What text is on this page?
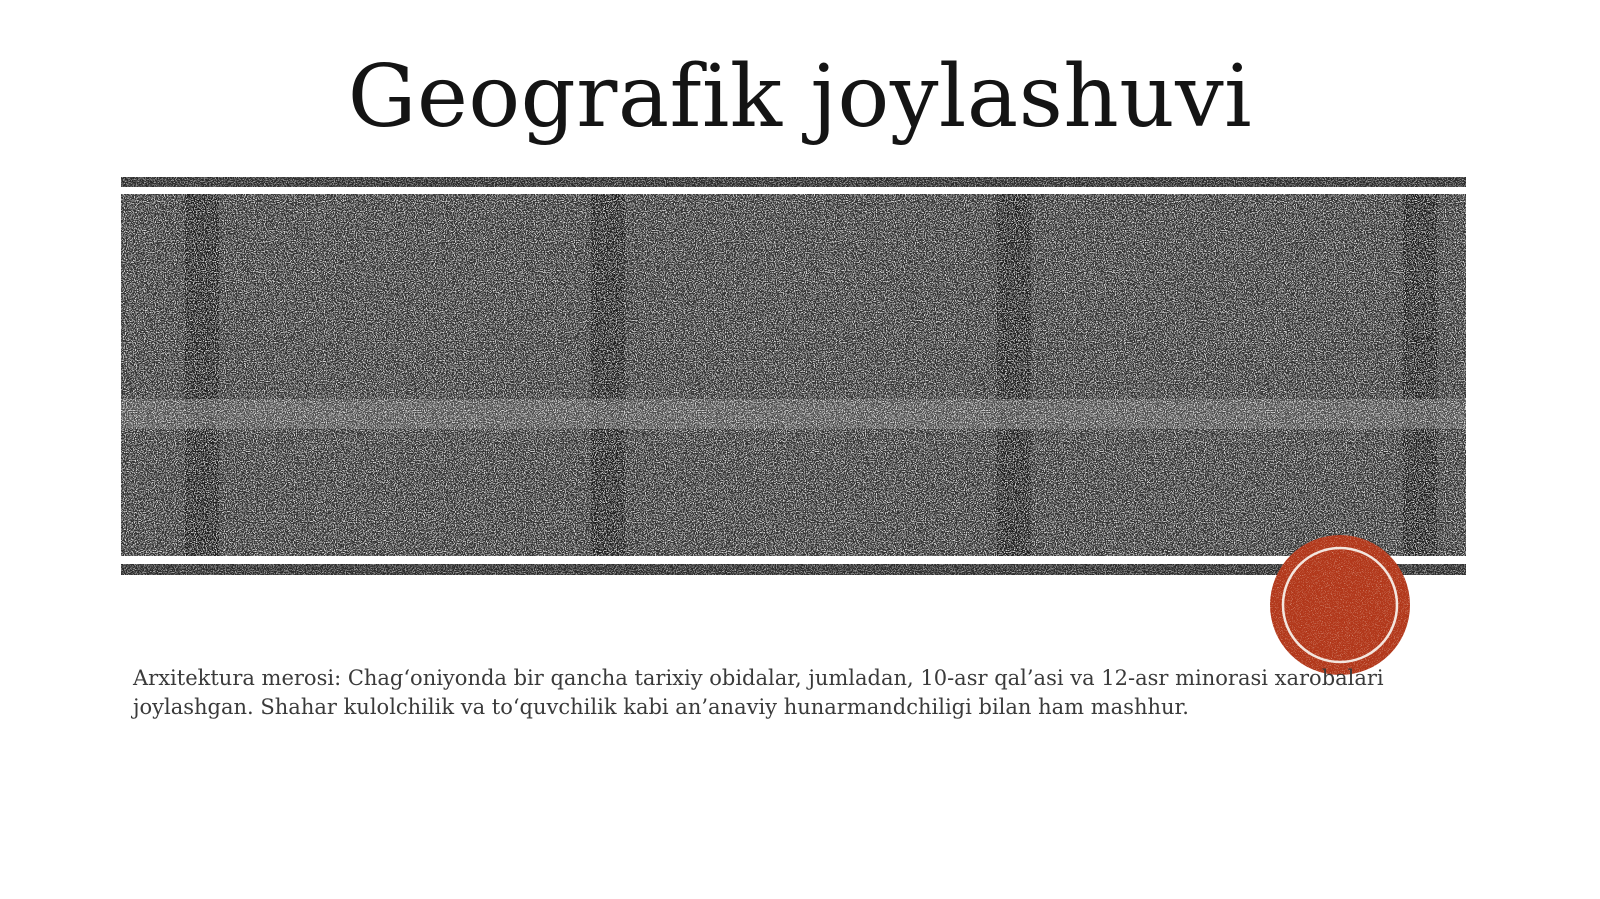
Geografik joylashuvi

Arxitektura merosi: Chag‘oniyonda bir qancha tarixiy obidalar, jumladan, 10-asr qal’asi va 12-asr minorasi xarobalari joylashgan. Shahar kulolchilik va to‘quvchilik kabi an’anaviy hunarmandchiligi bilan ham mashhur.
